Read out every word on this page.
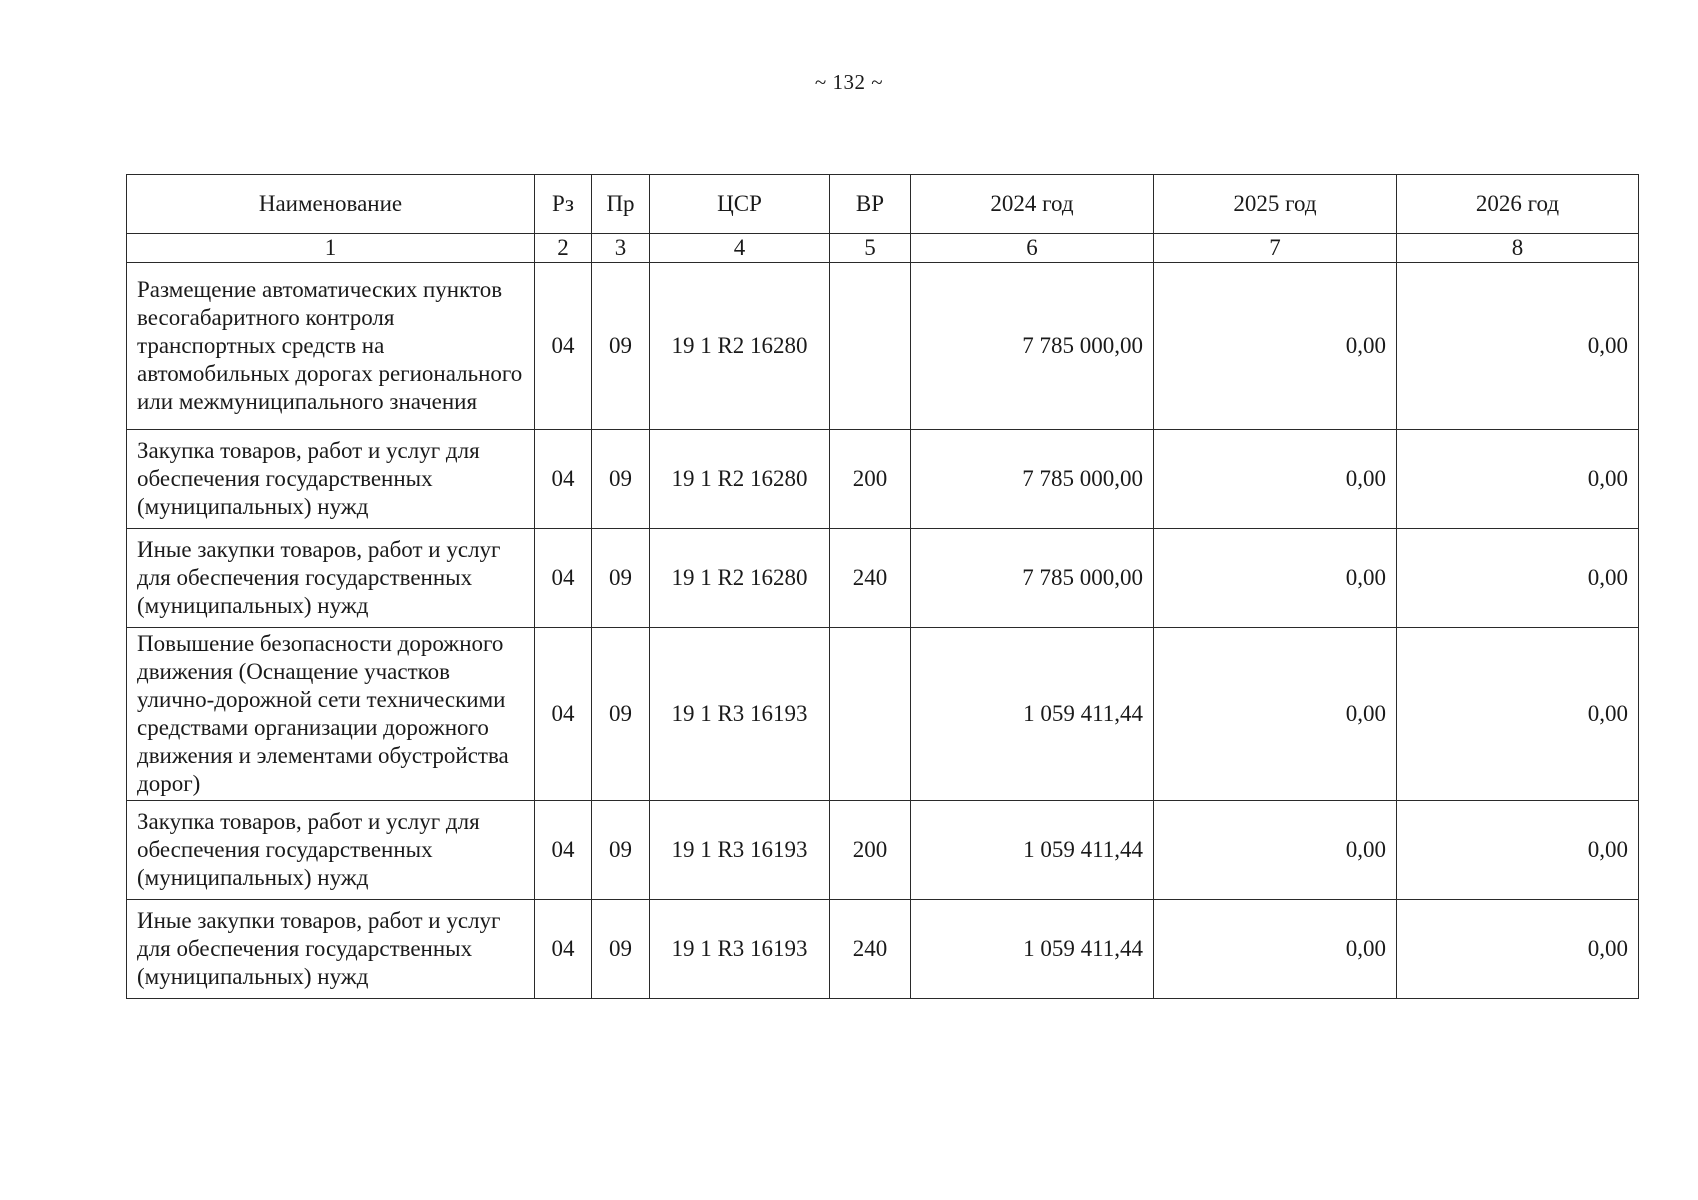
~ 132 ~
Наименование	Рз	Пр	ЦСР	ВР	2024 год	2025 год	2026 год
1	2	3	4	5	6	7	8
Размещение автоматических пунктов весогабаритного контроля транспортных средств на автомобильных дорогах регионального или межмуниципального значения	04	09	19 1 R2 16280		7 785 000,00	0,00	0,00
Закупка товаров, работ и услуг для обеспечения государственных (муниципальных) нужд	04	09	19 1 R2 16280	200	7 785 000,00	0,00	0,00
Иные закупки товаров, работ и услуг для обеспечения государственных (муниципальных) нужд	04	09	19 1 R2 16280	240	7 785 000,00	0,00	0,00
Повышение безопасности дорожного движения (Оснащение участков улично-дорожной сети техническими средствами организации дорожного движения и элементами обустройства дорог)	04	09	19 1 R3 16193		1 059 411,44	0,00	0,00
Закупка товаров, работ и услуг для обеспечения государственных (муниципальных) нужд	04	09	19 1 R3 16193	200	1 059 411,44	0,00	0,00
Иные закупки товаров, работ и услуг для обеспечения государственных (муниципальных) нужд	04	09	19 1 R3 16193	240	1 059 411,44	0,00	0,00
